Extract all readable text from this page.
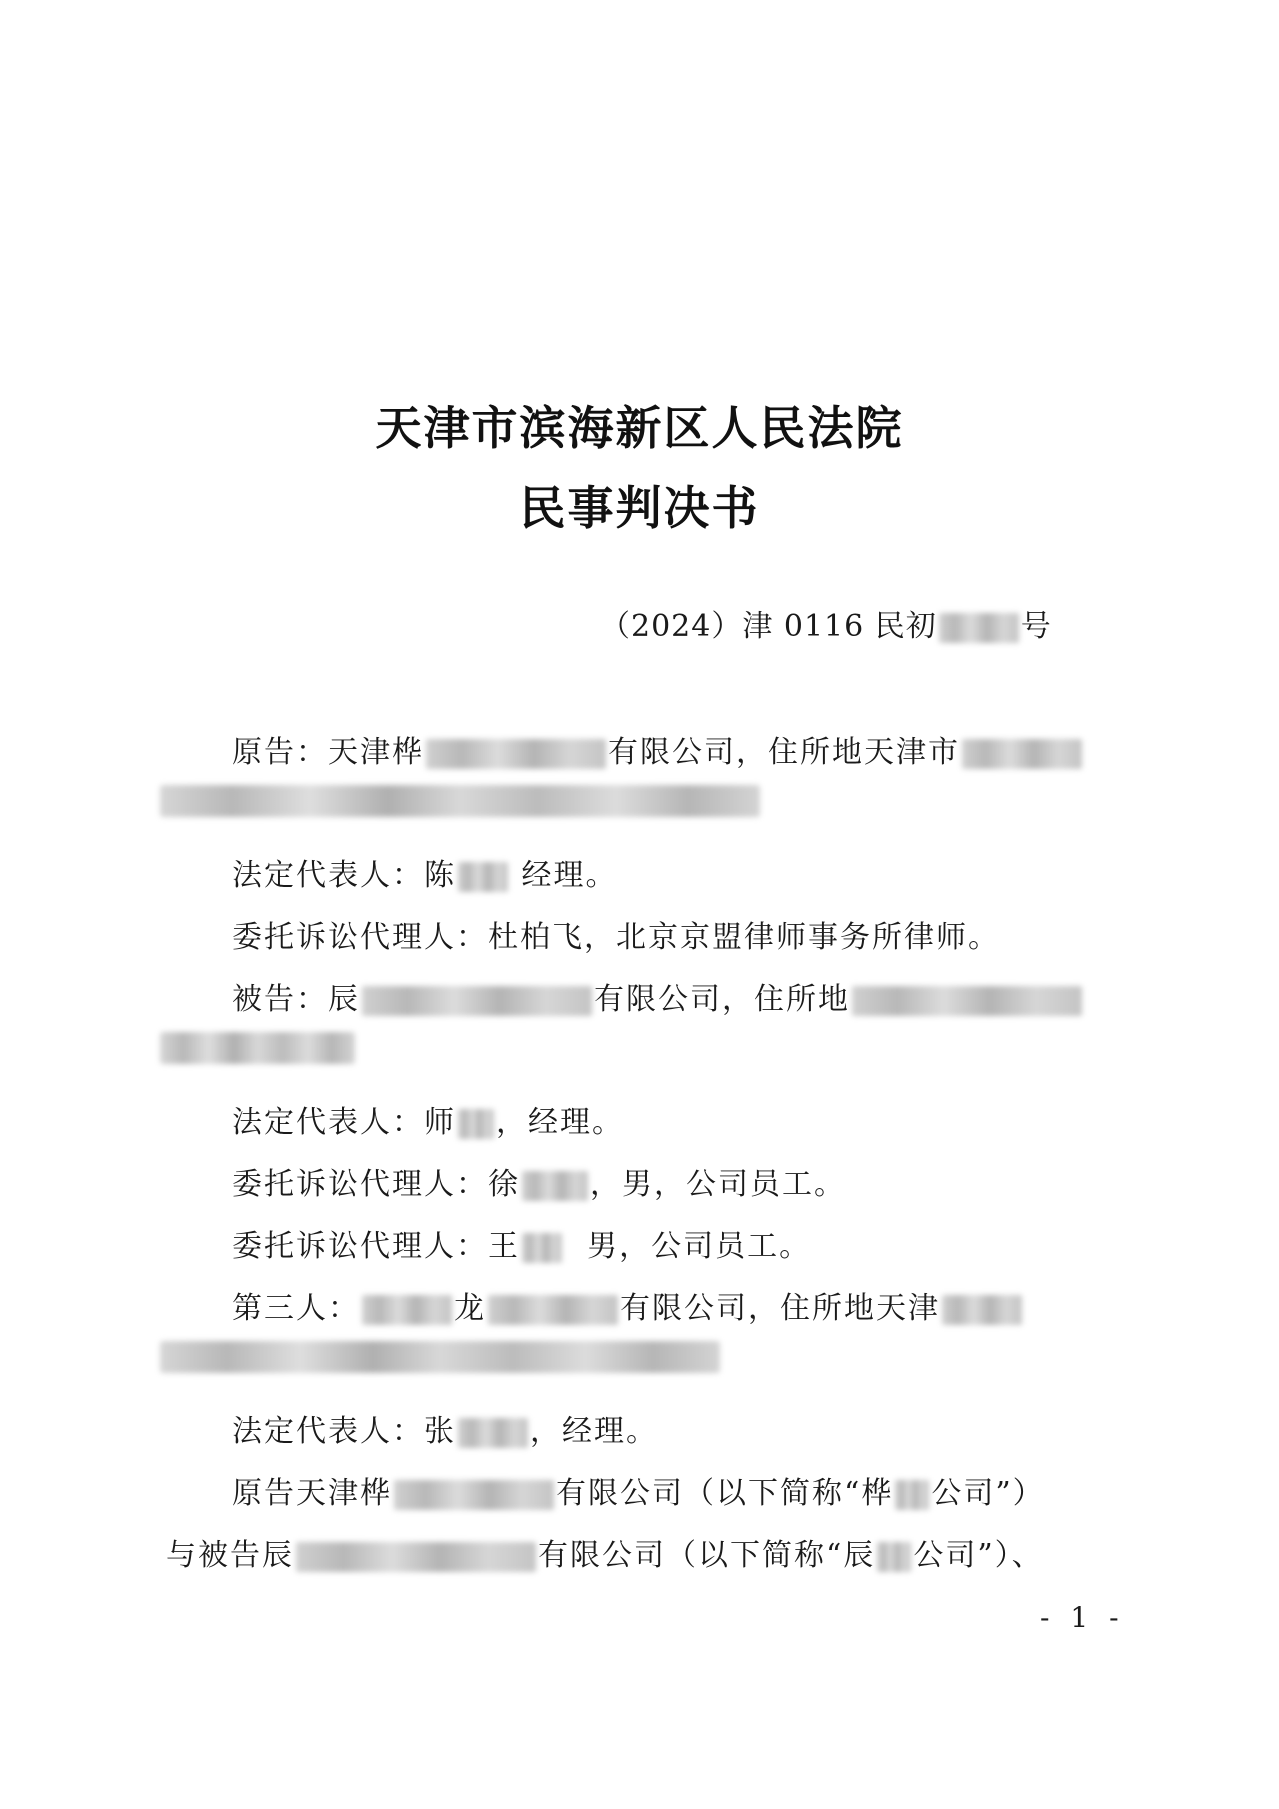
天津市滨海新区人民法院
民事判决书
（2024）津 0116 民初	号
原告：天津桦	有限公司，住所地天津市
法定代表人：陈 经理。
委托诉讼代理人：杜柏飞，北京京盟律师事务所律师。
被告：辰	有限公司，住所地
法定代表人：师 ，经理。
委托诉讼代理人：徐 ，男，公司员工。
委托诉讼代理人：王 男，公司员工。
第三人：	龙	有限公司，住所地天津
法定代表人：张 ，经理。
原告天津桦	有限公司（以下简称“桦 公司”）
与被告辰	有限公司（以下简称“辰 公司”）、
- 1 -
